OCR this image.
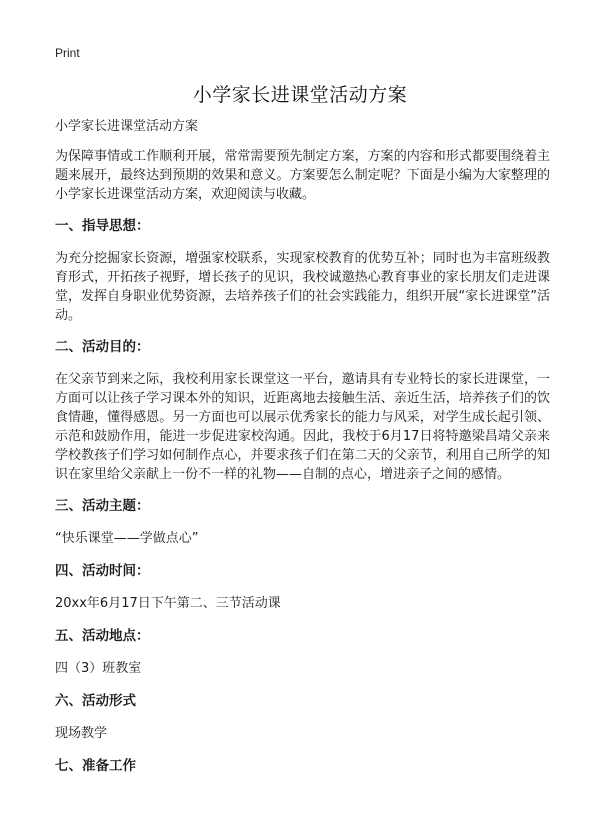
Print
小学家长进课堂活动方案

小学家长进课堂活动方案

为保障事情或工作顺利开展，常常需要预先制定方案，方案的内容和形式都要围绕着主题来展开，最终达到预期的效果和意义。方案要怎么制定呢？下面是小编为大家整理的小学家长进课堂活动方案，欢迎阅读与收藏。

一、指导思想：

为充分挖掘家长资源，增强家校联系，实现家校教育的优势互补；同时也为丰富班级教育形式，开拓孩子视野，增长孩子的见识，我校诚邀热心教育事业的家长朋友们走进课堂，发挥自身职业优势资源，去培养孩子们的社会实践能力，组织开展“家长进课堂”活动。

二、活动目的：

在父亲节到来之际，我校利用家长课堂这一平台，邀请具有专业特长的家长进课堂，一方面可以让孩子学习课本外的知识，近距离地去接触生活、亲近生活，培养孩子们的饮食情趣，懂得感恩。另一方面也可以展示优秀家长的能力与风采，对学生成长起引领、示范和鼓励作用，能进一步促进家校沟通。因此，我校于6月17日将特邀梁昌靖父亲来学校教孩子们学习如何制作点心，并要求孩子们在第二天的父亲节，利用自己所学的知识在家里给父亲献上一份不一样的礼物——自制的点心，增进亲子之间的感情。

三、活动主题：

“快乐课堂——学做点心”

四、活动时间：

20xx年6月17日下午第二、三节活动课

五、活动地点：

四（3）班教室

六、活动形式

现场教学

七、准备工作
